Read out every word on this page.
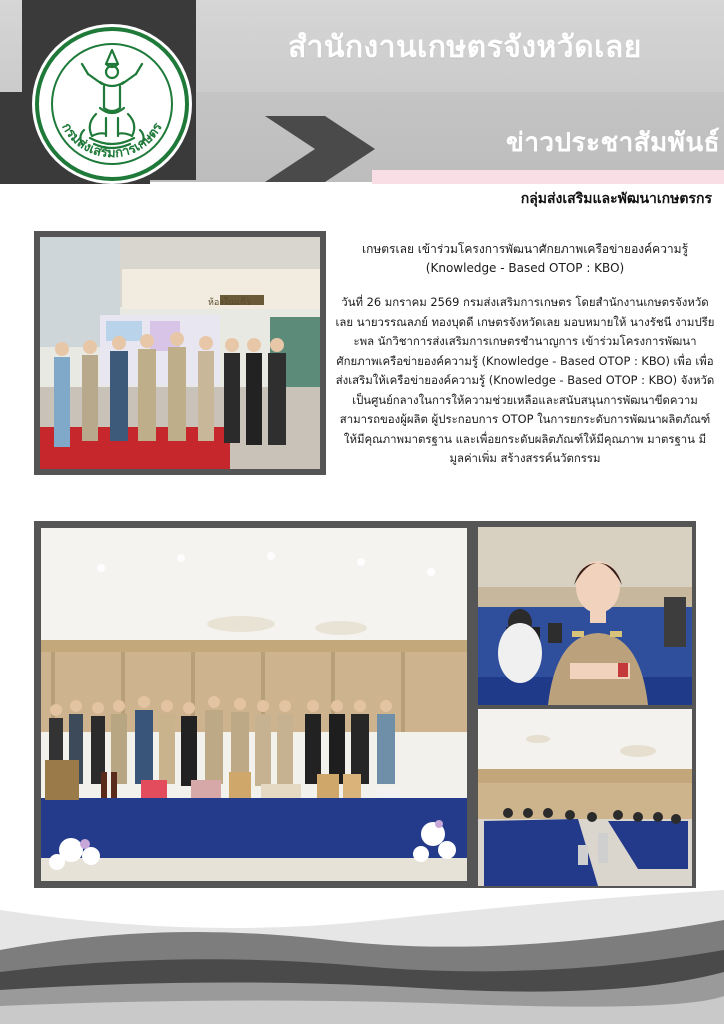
กรมส่งเสริมการเกษตร
สำนักงานเกษตรจังหวัดเลย
ข่าวประชาสัมพันธ์
กลุ่มส่งเสริมและพัฒนาเกษตรกร
ห้องในแก้ว
เกษตรเลย เข้าร่วมโครงการพัฒนาศักยภาพเครือข่ายองค์ความรู้ (Knowledge - Based OTOP : KBO)
วันที่ 26 มกราคม 2569 กรมส่งเสริมการเกษตร โดยสำนักงานเกษตรจังหวัดเลย นายวรรณลภย์ ทองบุดดี เกษตรจังหวัดเลย มอบหมายให้ นางรัชนี งามปรียะพล นักวิชาการส่งเสริมการเกษตรชำนาญการ เข้าร่วมโครงการพัฒนาศักยภาพเครือข่ายองค์ความรู้ (Knowledge - Based OTOP : KBO) เพื่อ เพื่อส่งเสริมให้เครือข่ายองค์ความรู้ (Knowledge - Based OTOP : KBO) จังหวัด เป็นศูนย์กลางในการให้ความช่วยเหลือและสนับสนุนการพัฒนาขีดความสามารถของผู้ผลิต ผู้ประกอบการ OTOP ในการยกระดับการพัฒนาผลิตภัณฑ์ให้มีคุณภาพมาตรฐาน และเพื่อยกระดับผลิตภัณฑ์ให้มีคุณภาพ มาตรฐาน มีมูลค่าเพิ่ม สร้างสรรค์นวัตกรรม
